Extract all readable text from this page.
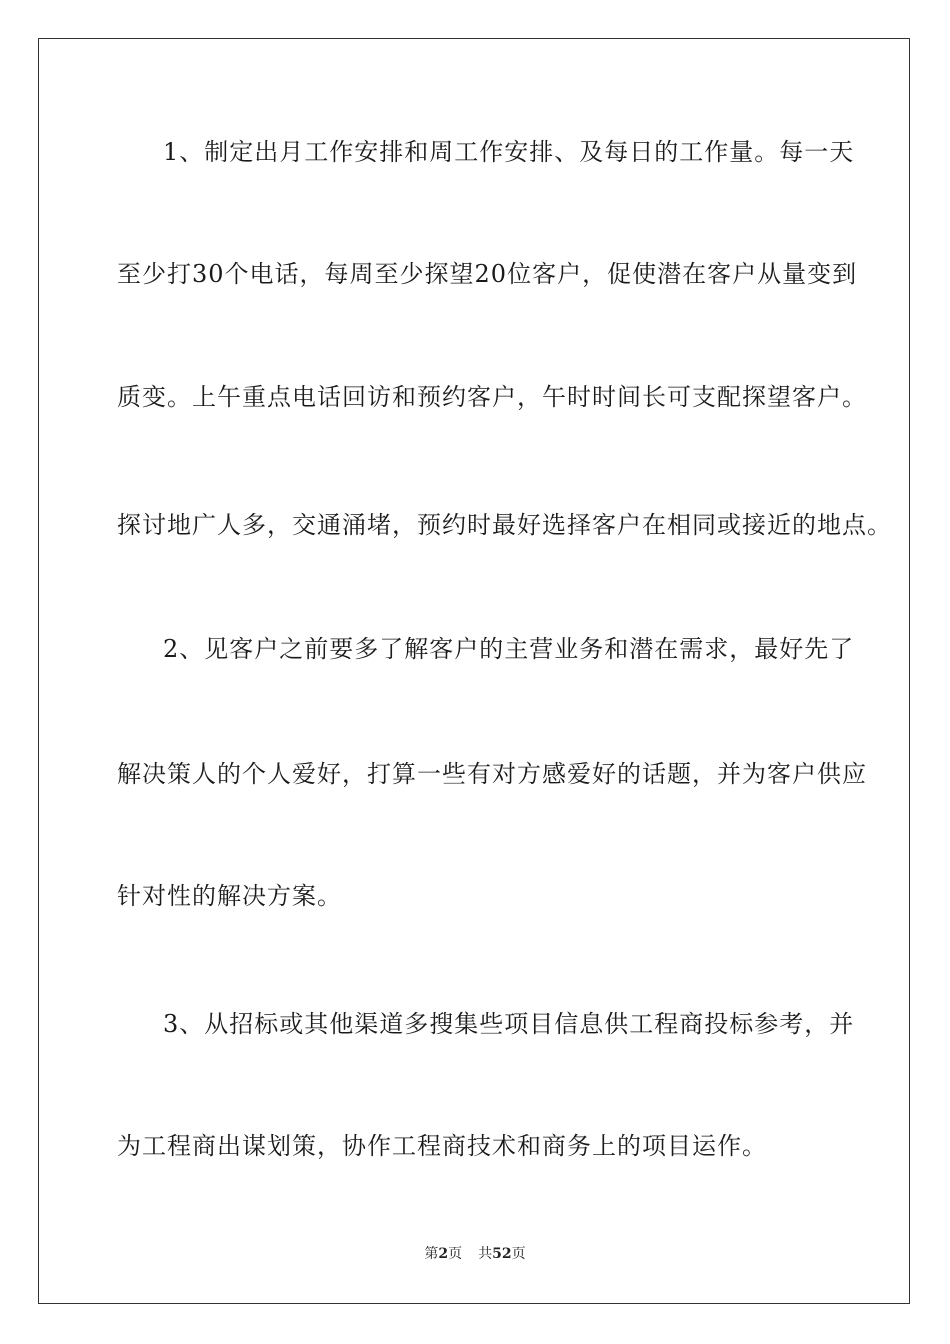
1、制定出月工作安排和周工作安排、及每日的工作量。每一天
至少打30个电话，每周至少探望20位客户，促使潜在客户从量变到
质变。上午重点电话回访和预约客户，午时时间长可支配探望客户。
探讨地广人多，交通涌堵，预约时最好选择客户在相同或接近的地点。
2、见客户之前要多了解客户的主营业务和潜在需求，最好先了
解决策人的个人爱好，打算一些有对方感爱好的话题，并为客户供应
针对性的解决方案。
3、从招标或其他渠道多搜集些项目信息供工程商投标参考，并
为工程商出谋划策，协作工程商技术和商务上的项目运作。
第2页 共52页
